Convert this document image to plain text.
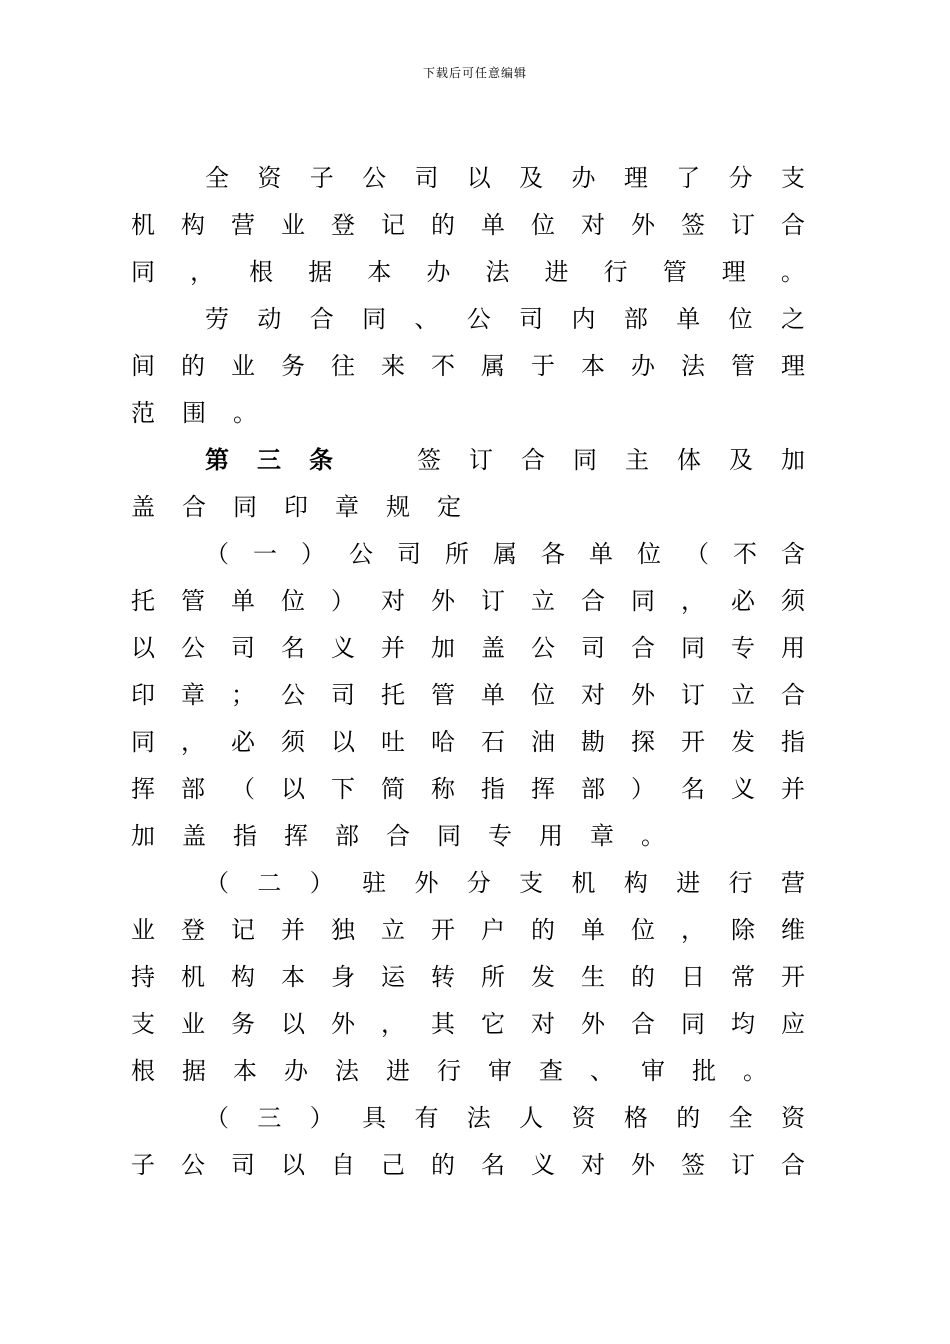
下载后可任意编辑
全 资 子 公 司 以 及 办 理 了 分 支
机 构 营 业 登 记 的 单 位 对 外 签 订 合
同 ， 根 据 本 办 法 进 行 管 理 。
劳 动 合 同 、 公 司 内 部 单 位 之
间 的 业 务 往 来 不 属 于 本 办 法 管 理
范 围 。
第 三 条	签 订 合 同 主 体 及 加
盖 合 同 印 章 规 定
（ 一 ） 公 司 所 属 各 单 位 （ 不 含
托 管 单 位 ） 对 外 订 立 合 同 ， 必 须
以 公 司 名 义 并 加 盖 公 司 合 同 专 用
印 章 ； 公 司 托 管 单 位 对 外 订 立 合
同 ， 必 须 以 吐 哈 石 油 勘 探 开 发 指
挥 部 （ 以 下 简 称 指 挥 部 ） 名 义 并
加 盖 指 挥 部 合 同 专 用 章 。
（ 二 ） 驻 外 分 支 机 构 进 行 营
业 登 记 并 独 立 开 户 的 单 位 ， 除 维
持 机 构 本 身 运 转 所 发 生 的 日 常 开
支 业 务 以 外 ， 其 它 对 外 合 同 均 应
根 据 本 办 法 进 行 审 查 、 审 批 。
（ 三 ） 具 有 法 人 资 格 的 全 资
子 公 司 以 自 己 的 名 义 对 外 签 订 合
